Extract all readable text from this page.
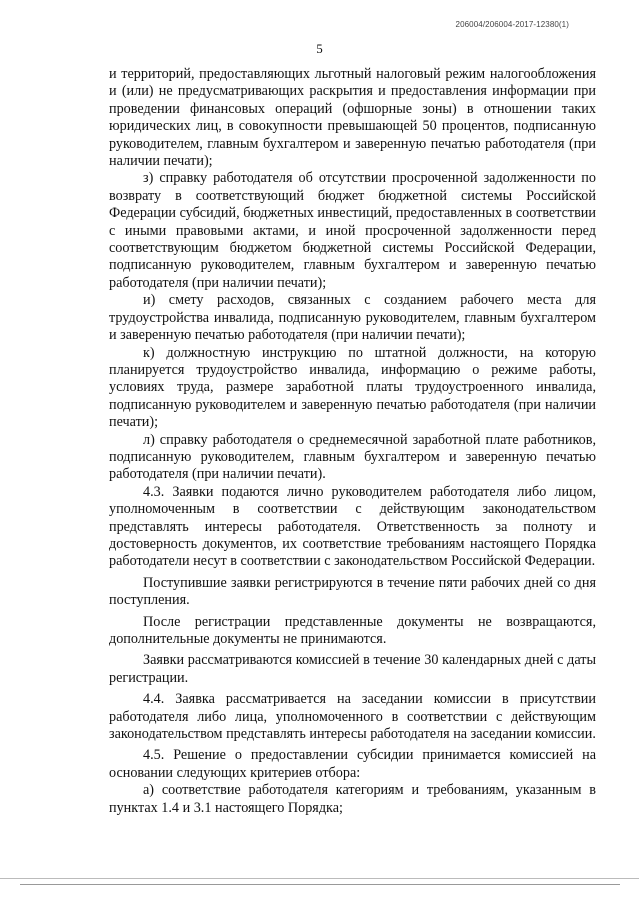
206004/206004-2017-12380(1)
5

и территорий, предоставляющих льготный налоговый режим налогообложения и (или) не предусматривающих раскрытия и предоставления информации при проведении финансовых операций (офшорные зоны) в отношении таких юридических лиц, в совокупности превышающей 50 процентов, подписанную руководителем, главным бухгалтером и заверенную печатью работодателя (при наличии печати);

з) справку работодателя об отсутствии просроченной задолженности по возврату в соответствующий бюджет бюджетной системы Российской Федерации субсидий, бюджетных инвестиций, предоставленных в соответствии с иными правовыми актами, и иной просроченной задолженности перед соответствующим бюджетом бюджетной системы Российской Федерации, подписанную руководителем, главным бухгалтером и заверенную печатью работодателя (при наличии печати);

и) смету расходов, связанных с созданием рабочего места для трудоустройства инвалида, подписанную руководителем, главным бухгалтером и заверенную печатью работодателя (при наличии печати);

к) должностную инструкцию по штатной должности, на которую планируется трудоустройство инвалида, информацию о режиме работы, условиях труда, размере заработной платы трудоустроенного инвалида, подписанную руководителем и заверенную печатью работодателя (при наличии печати);

л) справку работодателя о среднемесячной заработной плате работников, подписанную руководителем, главным бухгалтером и заверенную печатью работодателя (при наличии печати).

4.3. Заявки подаются лично руководителем работодателя либо лицом, уполномоченным в соответствии с действующим законодательством представлять интересы работодателя. Ответственность за полноту и достоверность документов, их соответствие требованиям настоящего Порядка работодатели несут в соответствии с законодательством Российской Федерации.

Поступившие заявки регистрируются в течение пяти рабочих дней со дня поступления.

После регистрации представленные документы не возвращаются, дополнительные документы не принимаются.

Заявки рассматриваются комиссией в течение 30 календарных дней с даты регистрации.

4.4. Заявка рассматривается на заседании комиссии в присутствии работодателя либо лица, уполномоченного в соответствии с действующим законодательством представлять интересы работодателя на заседании комиссии.

4.5. Решение о предоставлении субсидии принимается комиссией на основании следующих критериев отбора:

а) соответствие работодателя категориям и требованиям, указанным в пунктах 1.4 и 3.1 настоящего Порядка;
